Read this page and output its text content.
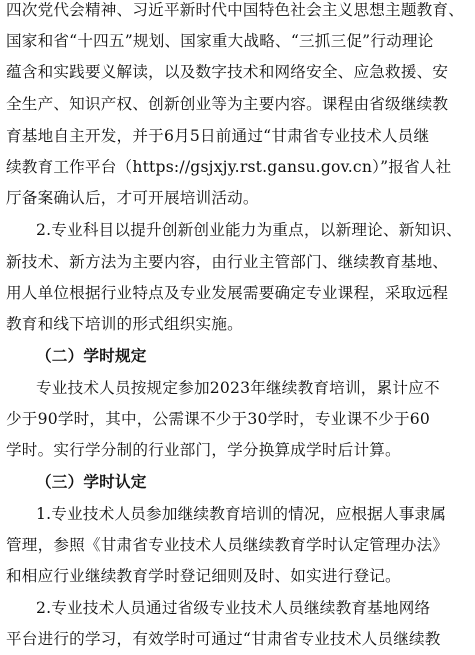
四次党代会精神、习近平新时代中国特色社会主义思想主题教育、
国家和省“十四五”规划、国家重大战略、“三抓三促”行动理论
蕴含和实践要义解读，以及数字技术和网络安全、应急救援、安
全生产、知识产权、创新创业等为主要内容。课程由省级继续教
育基地自主开发，并于6月5日前通过“甘肃省专业技术人员继
续教育工作平台（https://gsjxjy.rst.gansu.gov.cn）”报省人社
厅备案确认后，才可开展培训活动。
2.专业科目以提升创新创业能力为重点，以新理论、新知识、
新技术、新方法为主要内容，由行业主管部门、继续教育基地、
用人单位根据行业特点及专业发展需要确定专业课程，采取远程
教育和线下培训的形式组织实施。
（二）学时规定
专业技术人员按规定参加2023年继续教育培训，累计应不
少于90学时，其中，公需课不少于30学时，专业课不少于60
学时。实行学分制的行业部门，学分换算成学时后计算。
（三）学时认定
1.专业技术人员参加继续教育培训的情况，应根据人事隶属
管理，参照《甘肃省专业技术人员继续教育学时认定管理办法》
和相应行业继续教育学时登记细则及时、如实进行登记。
2.专业技术人员通过省级专业技术人员继续教育基地网络
平台进行的学习，有效学时可通过“甘肃省专业技术人员继续教
